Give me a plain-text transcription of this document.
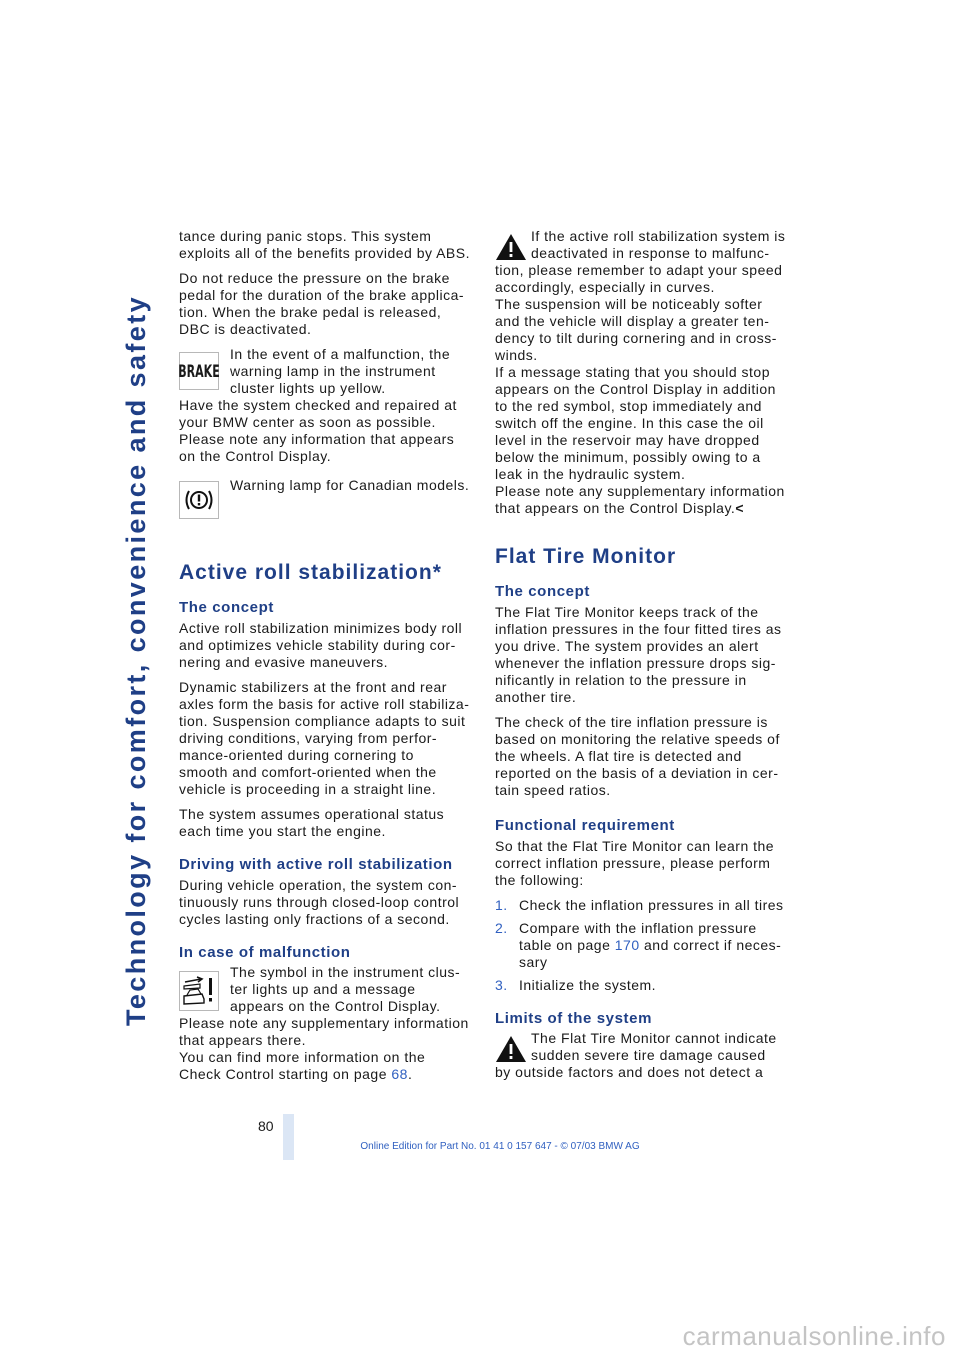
Technology for comfort, convenience and safety

tance during panic stops. This system
exploits all of the benefits provided by ABS.

Do not reduce the pressure on the brake
pedal for the duration of the brake applica-
tion. When the brake pedal is released,
DBC is deactivated.

BRAKE
In the event of a malfunction, the
warning lamp in the instrument
cluster lights up yellow.
Have the system checked and repaired at
your BMW center as soon as possible.
Please note any information that appears
on the Control Display.
Warning lamp for Canadian models.
Active roll stabilization*
The concept

Active roll stabilization minimizes body roll
and optimizes vehicle stability during cor-
nering and evasive maneuvers.

Dynamic stabilizers at the front and rear
axles form the basis for active roll stabiliza-
tion. Suspension compliance adapts to suit
driving conditions, varying from perfor-
mance-oriented during cornering to
smooth and comfort-oriented when the
vehicle is proceeding in a straight line.

The system assumes operational status
each time you start the engine.

Driving with active roll stabilization

During vehicle operation, the system con-
tinuously runs through closed-loop control
cycles lasting only fractions of a second.

In case of malfunction
The symbol in the instrument clus-
ter lights up and a message
appears on the Control Display.
Please note any supplementary information
that appears there.
You can find more information on the
Check Control starting on page 68.
If the active roll stabilization system is
deactivated in response to malfunc-
tion, please remember to adapt your speed
accordingly, especially in curves.
The suspension will be noticeably softer
and the vehicle will display a greater ten-
dency to tilt during cornering and in cross-
winds.
If a message stating that you should stop
appears on the Control Display in addition
to the red symbol, stop immediately and
switch off the engine. In this case the oil
level in the reservoir may have dropped
below the minimum, possibly owing to a
leak in the hydraulic system.
Please note any supplementary information
that appears on the Control Display.<
Flat Tire Monitor
The concept

The Flat Tire Monitor keeps track of the
inflation pressures in the four fitted tires as
you drive. The system provides an alert
whenever the inflation pressure drops sig-
nificantly in relation to the pressure in
another tire.

The check of the tire inflation pressure is
based on monitoring the relative speeds of
the wheels. A flat tire is detected and
reported on the basis of a deviation in cer-
tain speed ratios.

Functional requirement

So that the Flat Tire Monitor can learn the
correct inflation pressure, please perform
the following:

1. Check the inflation pressures in all tires
2. Compare with the inflation pressure
table on page 170 and correct if neces-
sary
3. Initialize the system.
Limits of the system
The Flat Tire Monitor cannot indicate
sudden severe tire damage caused
by outside factors and does not detect a
80
Online Edition for Part No. 01 41 0 157 647 - © 07/03 BMW AG
carmanualsonline.info
